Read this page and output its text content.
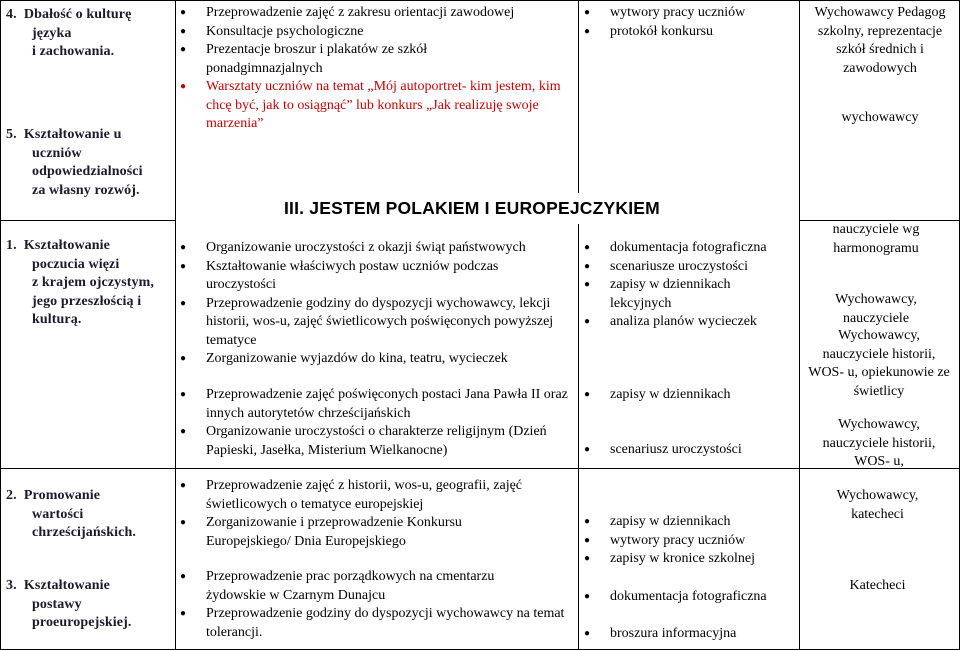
4. Dbałość o kulturę
języka
i zachowania.
5. Kształtowanie u
uczniów
odpowiedzialności
za własny rozwój.
● Przeprowadzenie zajęć z zakresu orientacji zawodowej
● Konsultacje psychologiczne
● Prezentacje broszur i plakatów ze szkół ponadgimnazjalnych
● Warsztaty uczniów na temat „Mój autoportret- kim jestem, kim chcę być, jak to osiągnąć” lub konkurs „Jak realizuję swoje marzenia”
● wytwory pracy uczniów
● protokół konkursu
Wychowawcy Pedagog szkolny, reprezentacje szkół średnich i zawodowych
wychowawcy
III. JESTEM POLAKIEM I EUROPEJCZYKIEM
1. Kształtowanie
poczucia więzi
z krajem ojczystym,
jego przeszłością i
kulturą.
● Organizowanie uroczystości z okazji świąt państwowych
● Kształtowanie właściwych postaw uczniów podczas uroczystości
● Przeprowadzenie godziny do dyspozycji wychowawcy, lekcji historii, wos-u, zajęć świetlicowych poświęconych powyższej tematyce
● Zorganizowanie wyjazdów do kina, teatru, wycieczek
● Przeprowadzenie zajęć poświęconych postaci Jana Pawła II oraz innych autorytetów chrześcijańskich
● Organizowanie uroczystości o charakterze religijnym (Dzień Papieski, Jasełka, Misterium Wielkanocne)
● dokumentacja fotograficzna
● scenariusze uroczystości
● zapisy w dziennikach lekcyjnych
● analiza planów wycieczek
● zapisy w dziennikach
● scenariusz uroczystości
nauczyciele wg harmonogramu
Wychowawcy, nauczyciele
Wychowawcy, nauczyciele historii, WOS- u, opiekunowie ze świetlicy
Wychowawcy, nauczyciele historii, WOS- u,
2. Promowanie
wartości
chrześcijańskich.
3. Kształtowanie
postawy
proeuropejskiej.
● Przeprowadzenie zajęć z historii, wos-u, geografii, zajęć świetlicowych o tematyce europejskiej
● Zorganizowanie i przeprowadzenie Konkursu Europejskiego/ Dnia Europejskiego
● Przeprowadzenie prac porządkowych na cmentarzu żydowskie w Czarnym Dunajcu
● Przeprowadzenie godziny do dyspozycji wychowawcy na temat tolerancji.
● zapisy w dziennikach
● wytwory pracy uczniów
● zapisy w kronice szkolnej
● dokumentacja fotograficzna
● broszura informacyjna
Wychowawcy, katecheci
Katecheci
